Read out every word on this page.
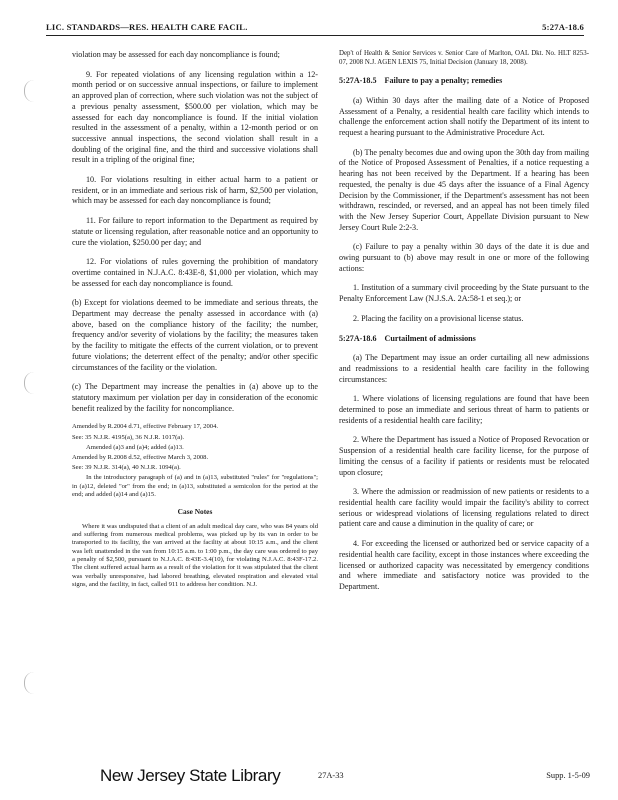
LIC. STANDARDS—RES. HEALTH CARE FACIL.	5:27A-18.6

violation may be assessed for each day noncompliance is found;

9. For repeated violations of any licensing regulation within a 12-month period or on successive annual inspections, or failure to implement an approved plan of correction, where such violation was not the subject of a previous penalty assessment, $500.00 per violation, which may be assessed for each day noncompliance is found. If the initial violation resulted in the assessment of a penalty, within a 12-month period or on successive annual inspections, the second violation shall result in a doubling of the original fine, and the third and successive violations shall result in a tripling of the original fine;

10. For violations resulting in either actual harm to a patient or resident, or in an immediate and serious risk of harm, $2,500 per violation, which may be assessed for each day noncompliance is found;

11. For failure to report information to the Department as required by statute or licensing regulation, after reasonable notice and an opportunity to cure the violation, $250.00 per day; and

12. For violations of rules governing the prohibition of mandatory overtime contained in N.J.A.C. 8:43E-8, $1,000 per violation, which may be assessed for each day noncompliance is found.

(b) Except for violations deemed to be immediate and serious threats, the Department may decrease the penalty assessed in accordance with (a) above, based on the compliance history of the facility; the number, frequency and/or severity of violations by the facility; the measures taken by the facility to mitigate the effects of the current violation, or to prevent future violations; the deterrent effect of the penalty; and/or other specific circumstances of the facility or the violation.

(c) The Department may increase the penalties in (a) above up to the statutory maximum per violation per day in consideration of the economic benefit realized by the facility for noncompliance.

Amended by R.2004 d.71, effective February 17, 2004.

See: 35 N.J.R. 4195(a), 36 N.J.R. 1017(a).

Amended (a)3 and (a)4; added (a)13.

Amended by R.2008 d.52, effective March 3, 2008.

See: 39 N.J.R. 314(a), 40 N.J.R. 1094(a).

In the introductory paragraph of (a) and in (a)13, substituted "rules" for "regulations"; in (a)12, deleted "or" from the end; in (a)13, substituted a semicolon for the period at the end; and added (a)14 and (a)15.

Case Notes

Where it was undisputed that a client of an adult medical day care, who was 84 years old and suffering from numerous medical problems, was picked up by its van in order to be transported to its facility, the van arrived at the facility at about 10:15 a.m., and the client was left unattended in the van from 10:15 a.m. to 1:00 p.m., the day care was ordered to pay a penalty of $2,500, pursuant to N.J.A.C. 8:43E-3.4(10), for violating N.J.A.C. 8:43F-17.2. The client suffered actual harm as a result of the violation for it was stipulated that the client was verbally unresponsive, had labored breathing, elevated respiration and elevated vital signs, and the facility, in fact, called 911 to address her condition. N.J.

Dep't of Health & Senior Services v. Senior Care of Marlton, OAL Dkt. No. HLT 8253-07, 2008 N.J. AGEN LEXIS 75, Initial Decision (January 18, 2008).

5:27A-18.5 Failure to pay a penalty; remedies

(a) Within 30 days after the mailing date of a Notice of Proposed Assessment of a Penalty, a residential health care facility which intends to challenge the enforcement action shall notify the Department of its intent to request a hearing pursuant to the Administrative Procedure Act.

(b) The penalty becomes due and owing upon the 30th day from mailing of the Notice of Proposed Assessment of Penalties, if a notice requesting a hearing has not been received by the Department. If a hearing has been requested, the penalty is due 45 days after the issuance of a Final Agency Decision by the Commissioner, if the Department's assessment has not been withdrawn, rescinded, or reversed, and an appeal has not been timely filed with the New Jersey Superior Court, Appellate Division pursuant to New Jersey Court Rule 2:2-3.

(c) Failure to pay a penalty within 30 days of the date it is due and owing pursuant to (b) above may result in one or more of the following actions:

1. Institution of a summary civil proceeding by the State pursuant to the Penalty Enforcement Law (N.J.S.A. 2A:58-1 et seq.); or

2. Placing the facility on a provisional license status.

5:27A-18.6 Curtailment of admissions

(a) The Department may issue an order curtailing all new admissions and readmissions to a residential health care facility in the following circumstances:

1. Where violations of licensing regulations are found that have been determined to pose an immediate and serious threat of harm to patients or residents of a residential health care facility;

2. Where the Department has issued a Notice of Proposed Revocation or Suspension of a residential health care facility license, for the purpose of limiting the census of a facility if patients or residents must be relocated upon closure;

3. Where the admission or readmission of new patients or residents to a residential health care facility would impair the facility's ability to correct serious or widespread violations of licensing regulations related to direct patient care and cause a diminution in the quality of care; or

4. For exceeding the licensed or authorized bed or service capacity of a residential health care facility, except in those instances where exceeding the licensed or authorized capacity was necessitated by emergency conditions and where immediate and satisfactory notice was provided to the Department.

New Jersey State Library	27A-33	Supp. 1-5-09
